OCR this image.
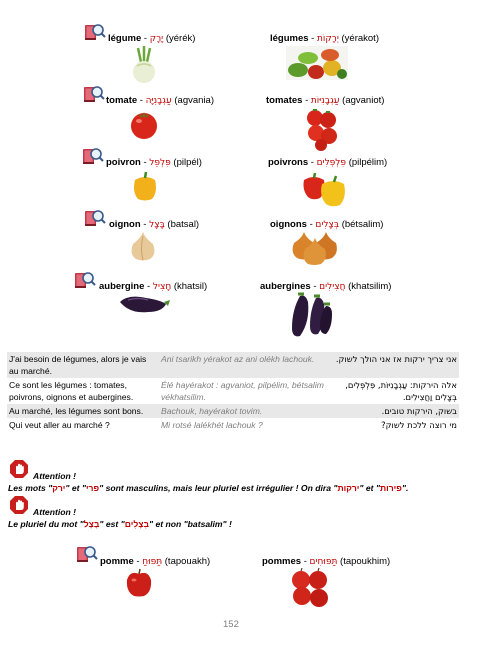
légume - יָרָק (yérék)	légumes - יְרָקוֹת (yérakot)
tomate - עַגְבָנִיָּה (agvania)	tomates - עַגְבָנִיּוֹת (agvaniot)
poivron - פִּלְפֵּל (pilpél)	poivrons - פִּלְפְּלִים (pilpélim)
oignon - בָּצָל (batsal)	oignons - בְּצָלִים (bétsalim)
aubergine - חָצִיל (khatsil)	aubergines - חֲצִילִים (khatsilim)
J'ai besoin de légumes, alors je vais au marché.	Ani tsarikh yérakot az ani olékh lachouk.	אני צריך ירקות אז אני הולך לשוק.
Ce sont les légumes : tomates, poivrons, oignons et aubergines.	Élé hayérakot : agvaniot, pilpélim, bétsalim vékhatsilim.	אלה הירקות: עַגְבָנִיּוֹת, פִּלְפְּלִים, בְּצָלִים וַחֲצִילִים.
Au marché, les légumes sont bons.	Bachouk, hayérakot tovim.	בשוק, הירקות טובים.
Qui veut aller au marché ?	Mi rotsé lalékhét lachouk ?	מי רוצה ללכת לשוק?
Attention !
Les mots "ירק" et "פרי" sont masculins, mais leur pluriel est irrégulier ! On dira "ירקות" et "פירות".
Attention !
Le pluriel du mot "בָּצָל" est "בְּצָלִים" et non "batsalim" !
pomme - תַּפּוּחַ (tapouakh)	pommes - תַּפּוּחִים (tapoukhim)
152
